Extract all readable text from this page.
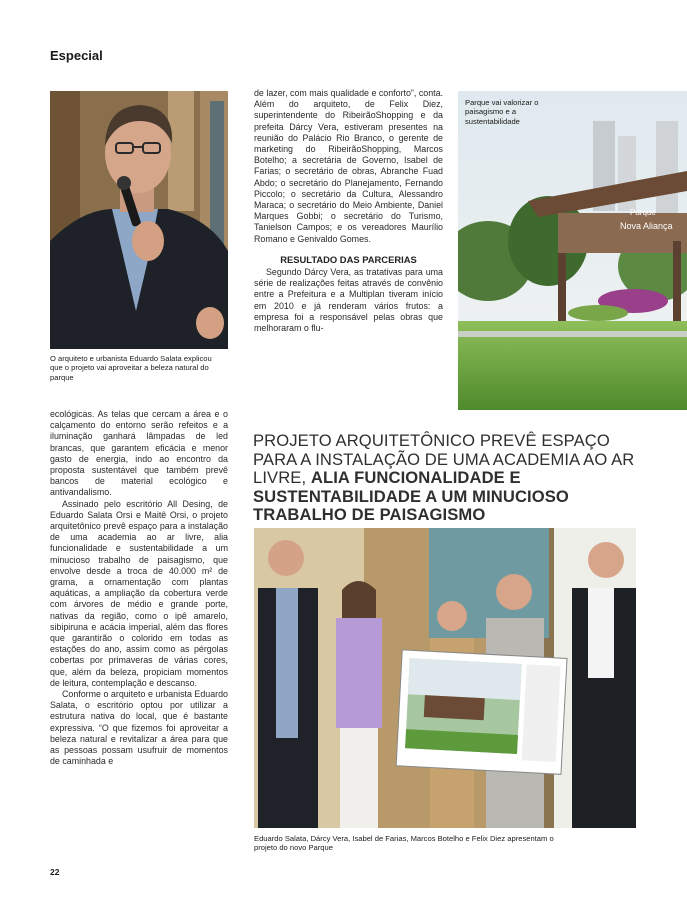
Especial
O arquiteto e urbanista Eduardo Salata explicou que o projeto vai aproveitar a beleza natural do parque

de lazer, com mais qualidade e conforto”, conta. Além do arquiteto, de Felix Diez, superintendente do RibeirãoShopping e da prefeita Dárcy Vera, estiveram presentes na reunião do Palácio Rio Branco, o gerente de marketing do RibeirãoShopping, Marcos Botelho; a secretária de Governo, Isabel de Farias; o secretário de obras, Abranche Fuad Abdo; o secretário do Planejamento, Fernando Piccolo; o secretário da Cultura, Alessandro Maraca; o secretário do Meio Ambiente, Daniel Marques Gobbi; o secretário do Turismo, Tanielson Campos; e os vereadores Maurílio Romano e Genivaldo Gomes.

RESULTADO DAS PARCERIAS

Segundo Dárcy Vera, as tratativas para uma série de realizações feitas através de convênio entre a Prefeitura e a Multiplan tiveram início em 2010 e já renderam vários frutos: a empresa foi a responsável pelas obras que melhoraram o flu-

Parque
Nova Aliança
Parque vai valorizar o paisagismo e a sustentabilidade

ecológicas. As telas que cercam a área e o calçamento do entorno serão refeitos e a iluminação ganhará lâmpadas de led brancas, que garantem eficácia e menor gasto de energia, indo ao encontro da proposta sustentável que também prevê bancos de material ecológico e antivandalismo.

Assinado pelo escritório All Desing, de Eduardo Salata Orsi e Maitê Orsi, o projeto arquitetônico prevê espaço para a instalação de uma academia ao ar livre, alia funcionalidade e sustentabilidade a um minucioso trabalho de paisagismo, que envolve desde a troca de 40.000 m² de grama, a ornamentação com plantas aquáticas, a ampliação da cobertura verde com árvores de médio e grande porte, nativas da região, como o ipê amarelo, sibipiruna e acácia imperial, além das flores que garantirão o colorido em todas as estações do ano, assim como as pérgolas cobertas por primaveras de várias cores, que, além da beleza, propiciam momentos de leitura, contemplação e descanso.

Conforme o arquiteto e urbanista Eduardo Salata, o escritório optou por utilizar a estrutura nativa do local, que é bastante expressiva. “O que fizemos foi aproveitar a beleza natural e revitalizar a área para que as pessoas possam usufruir de momentos de caminhada e

PROJETO ARQUITETÔNICO PREVÊ ESPAÇO PARA A INSTALAÇÃO DE UMA ACADEMIA AO AR LIVRE, ALIA FUNCIONALIDADE E SUSTENTABILIDADE A UM MINUCIOSO TRABALHO DE PAISAGISMO
Eduardo Salata, Dárcy Vera, Isabel de Farias, Marcos Botelho e Felix Diez apresentam o projeto do novo Parque
22
